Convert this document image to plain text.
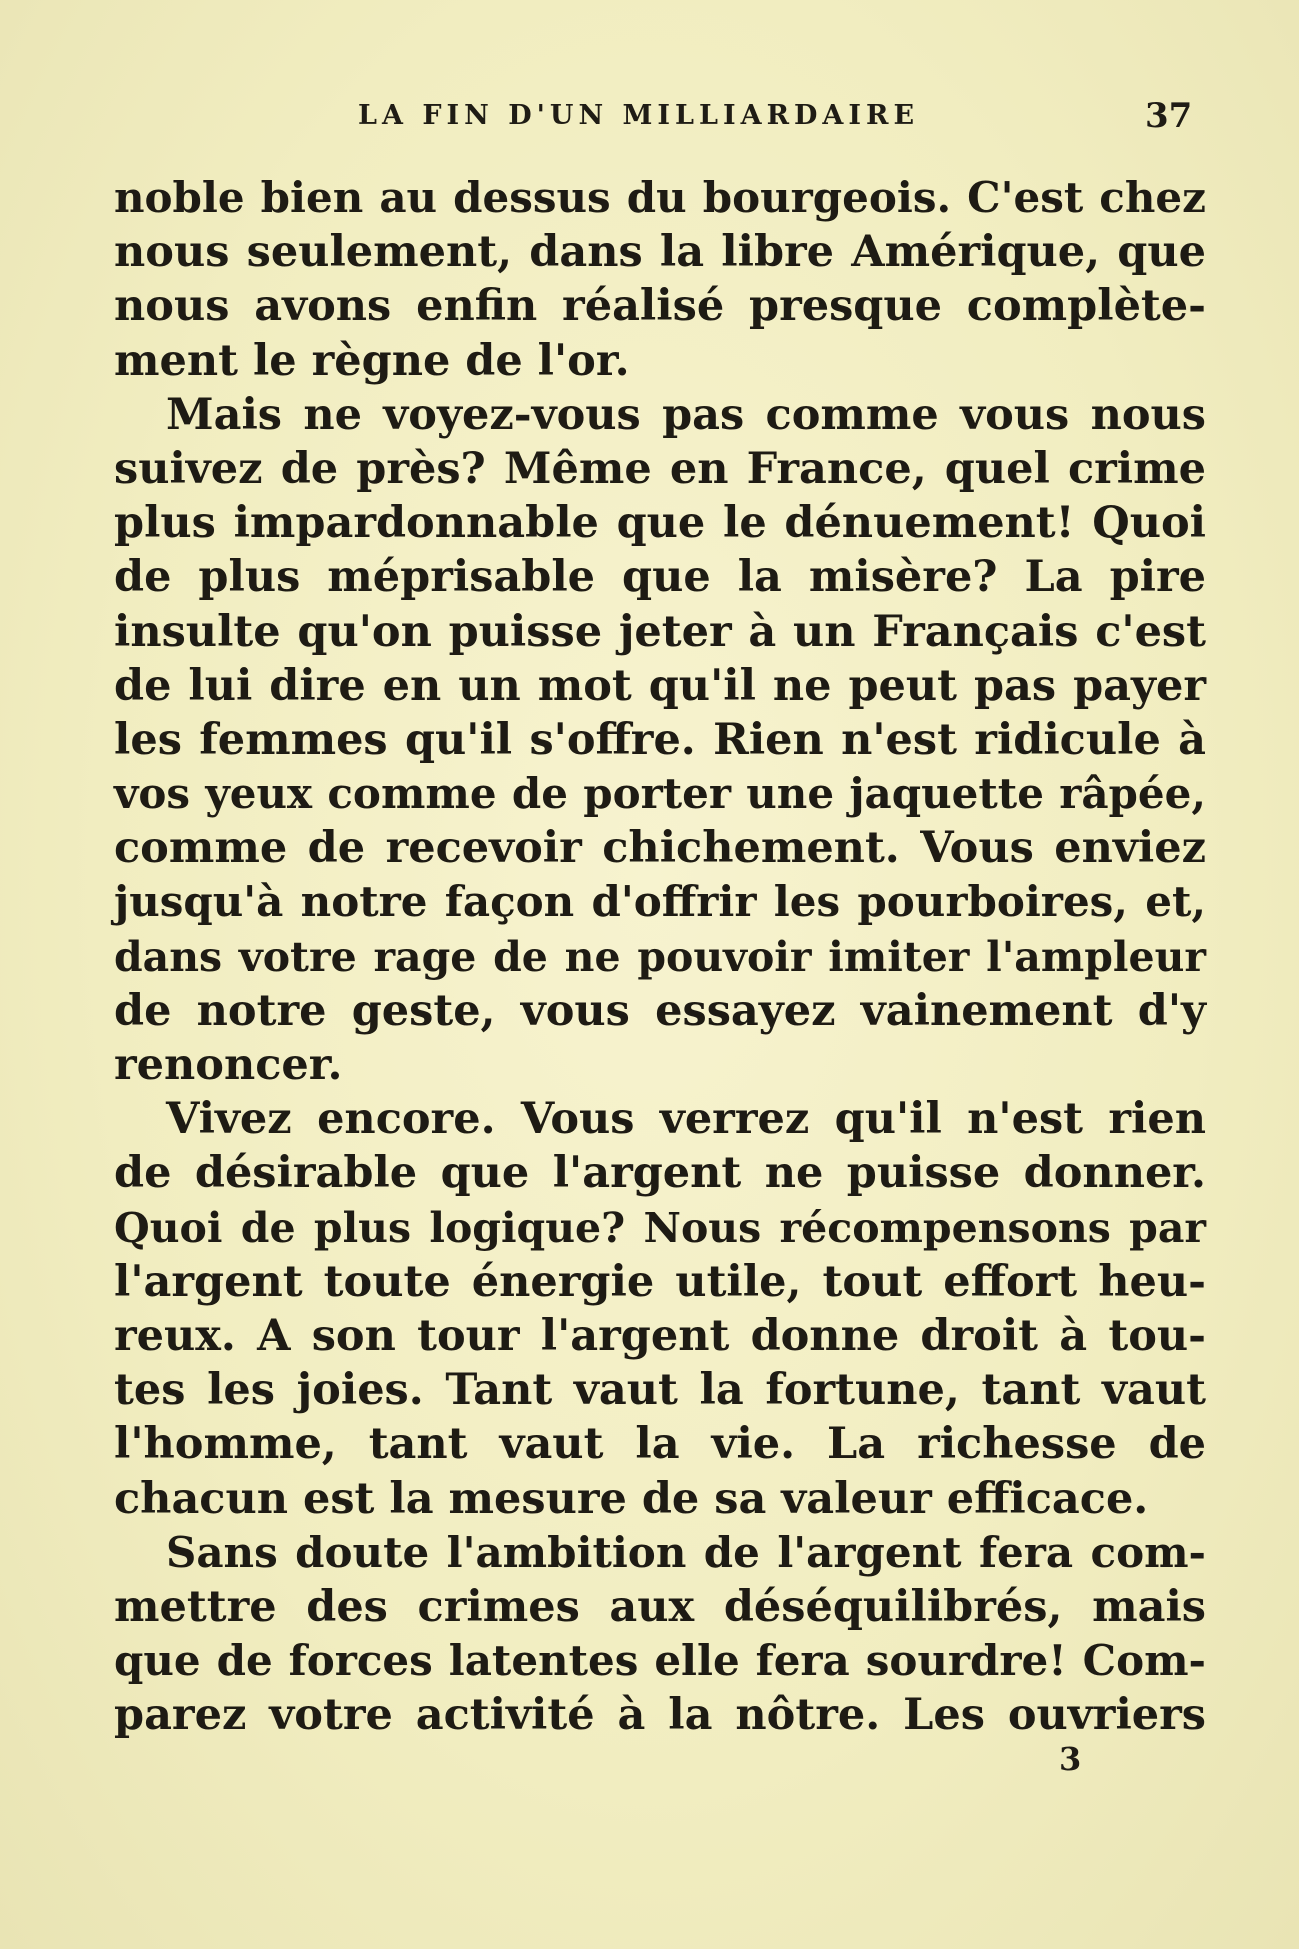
LA FIN D'UN MILLIARDAIRE	37
noble bien au dessus du bourgeois. C'est chez
nous seulement, dans la libre Amérique, que
nous avons enfin réalisé presque complète-
ment le règne de l'or.
Mais ne voyez-vous pas comme vous nous
suivez de près? Même en France, quel crime
plus impardonnable que le dénuement! Quoi
de plus méprisable que la misère? La pire
insulte qu'on puisse jeter à un Français c'est
de lui dire en un mot qu'il ne peut pas payer
les femmes qu'il s'offre. Rien n'est ridicule à
vos yeux comme de porter une jaquette râpée,
comme de recevoir chichement. Vous enviez
jusqu'à notre façon d'offrir les pourboires, et,
dans votre rage de ne pouvoir imiter l'ampleur
de notre geste, vous essayez vainement d'y
renoncer.
Vivez encore. Vous verrez qu'il n'est rien
de désirable que l'argent ne puisse donner.
Quoi de plus logique? Nous récompensons par
l'argent toute énergie utile, tout effort heu-
reux. A son tour l'argent donne droit à tou-
tes les joies. Tant vaut la fortune, tant vaut
l'homme, tant vaut la vie. La richesse de
chacun est la mesure de sa valeur efficace.
Sans doute l'ambition de l'argent fera com-
mettre des crimes aux déséquilibrés, mais
que de forces latentes elle fera sourdre! Com-
parez votre activité à la nôtre. Les ouvriers
3
